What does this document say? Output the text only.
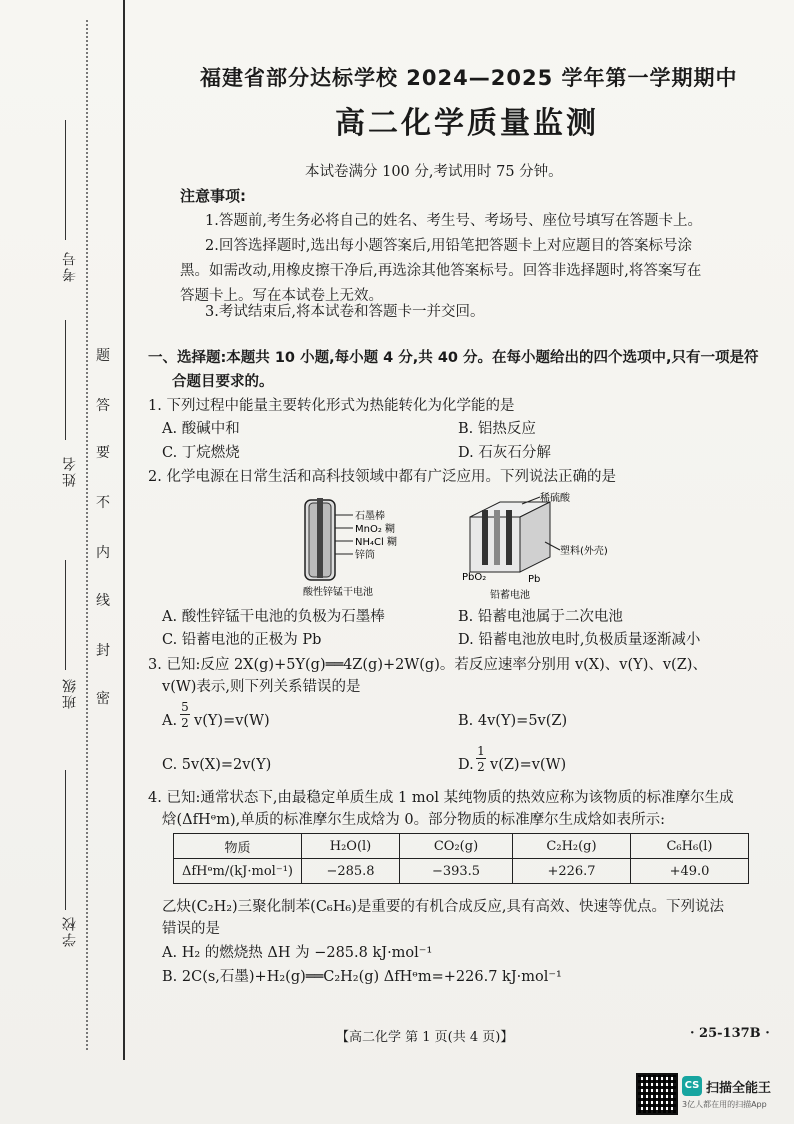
考号
姓名
班级
学校
题
答
要
不
内
线
封
密
福建省部分达标学校 2024—2025 学年第一学期期中
高二化学质量监测
本试卷满分 100 分,考试用时 75 分钟。
注意事项:
1.答题前,考生务必将自己的姓名、考生号、考场号、座位号填写在答题卡上。
2.回答选择题时,选出每小题答案后,用铅笔把答题卡上对应题目的答案标号涂
黑。如需改动,用橡皮擦干净后,再选涂其他答案标号。回答非选择题时,将答案写在
答题卡上。写在本试卷上无效。
3.考试结束后,将本试卷和答题卡一并交回。
一、选择题:本题共 10 小题,每小题 4 分,共 40 分。在每小题给出的四个选项中,只有一项是符
合题目要求的。
1. 下列过程中能量主要转化形式为热能转化为化学能的是
A. 酸碱中和	B. 铝热反应
C. 丁烷燃烧	D. 石灰石分解
2. 化学电源在日常生活和高科技领域中都有广泛应用。下列说法正确的是
石墨棒
MnO₂ 糊
NH₄Cl 糊
锌筒
酸性锌锰干电池
稀硫酸
塑料(外壳)
PbO₂	Pb
铅蓄电池
A. 酸性锌锰干电池的负极为石墨棒	B. 铅蓄电池属于二次电池
C. 铅蓄电池的正极为 Pb	D. 铅蓄电池放电时,负极质量逐渐减小
3. 已知:反应 2X(g)+5Y(g)══4Z(g)+2W(g)。若反应速率分别用 v(X)、v(Y)、v(Z)、
v(W)表示,则下列关系错误的是
A.
5
2 v(Y)=v(W)	B. 4v(Y)=5v(Z)
C. 5v(X)=2v(Y)	D.
1
2 v(Z)=v(W)
4. 已知:通常状态下,由最稳定单质生成 1 mol 某纯物质的热效应称为该物质的标准摩尔生成
焓(ΔfHᶱm),单质的标准摩尔生成焓为 0。部分物质的标准摩尔生成焓如表所示:
物质	H₂O(l)	CO₂(g)	C₂H₂(g)	C₆H₆(l)
ΔfHᶱm/(kJ·mol⁻¹)	−285.8	−393.5	+226.7	+49.0
乙炔(C₂H₂)三聚化制苯(C₆H₆)是重要的有机合成反应,具有高效、快速等优点。下列说法
错误的是
A. H₂ 的燃烧热 ΔH 为 −285.8 kJ·mol⁻¹
B. 2C(s,石墨)+H₂(g)══C₂H₂(g) ΔfHᶱm=+226.7 kJ·mol⁻¹
【高二化学 第 1 页(共 4 页)】	· 25-137B ·
CS 扫描全能王
3亿人都在用的扫描App
